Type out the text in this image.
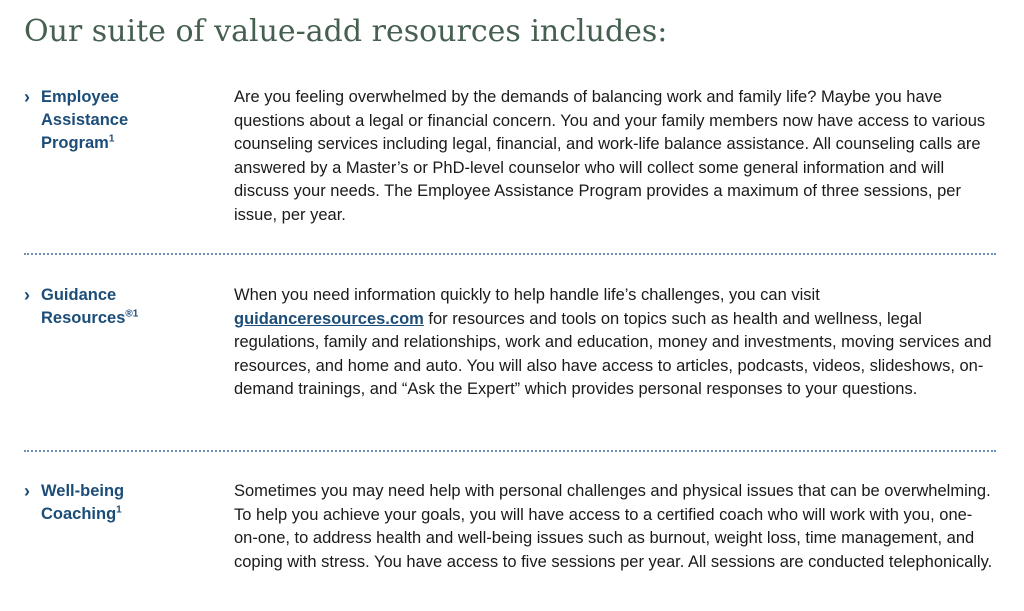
Our suite of value-add resources includes:
› Employee
Assistance
Program$^1$

Are you feeling overwhelmed by the demands of balancing work and family life? Maybe you have questions about a legal or financial concern. You and your family members now have access to various counseling services including legal, financial, and work-life balance assistance. All counseling calls are answered by a Master’s or PhD-level counselor who will collect some general information and will discuss your needs. The Employee Assistance Program provides a maximum of three sessions, per issue, per year.

› Guidance
Resources$^{®1}$

When you need information quickly to help handle life’s challenges, you can visit guidanceresources.com for resources and tools on topics such as health and wellness, legal regulations, family and relationships, work and education, money and investments, moving services and resources, and home and auto. You will also have access to articles, podcasts, videos, slideshows, on-demand trainings, and “Ask the Expert” which provides personal responses to your questions.

› Well-being
Coaching$^1$

Sometimes you may need help with personal challenges and physical issues that can be overwhelming. To help you achieve your goals, you will have access to a certified coach who will work with you, one-on-one, to address health and well-being issues such as burnout, weight loss, time management, and coping with stress. You have access to five sessions per year. All sessions are conducted telephonically.
